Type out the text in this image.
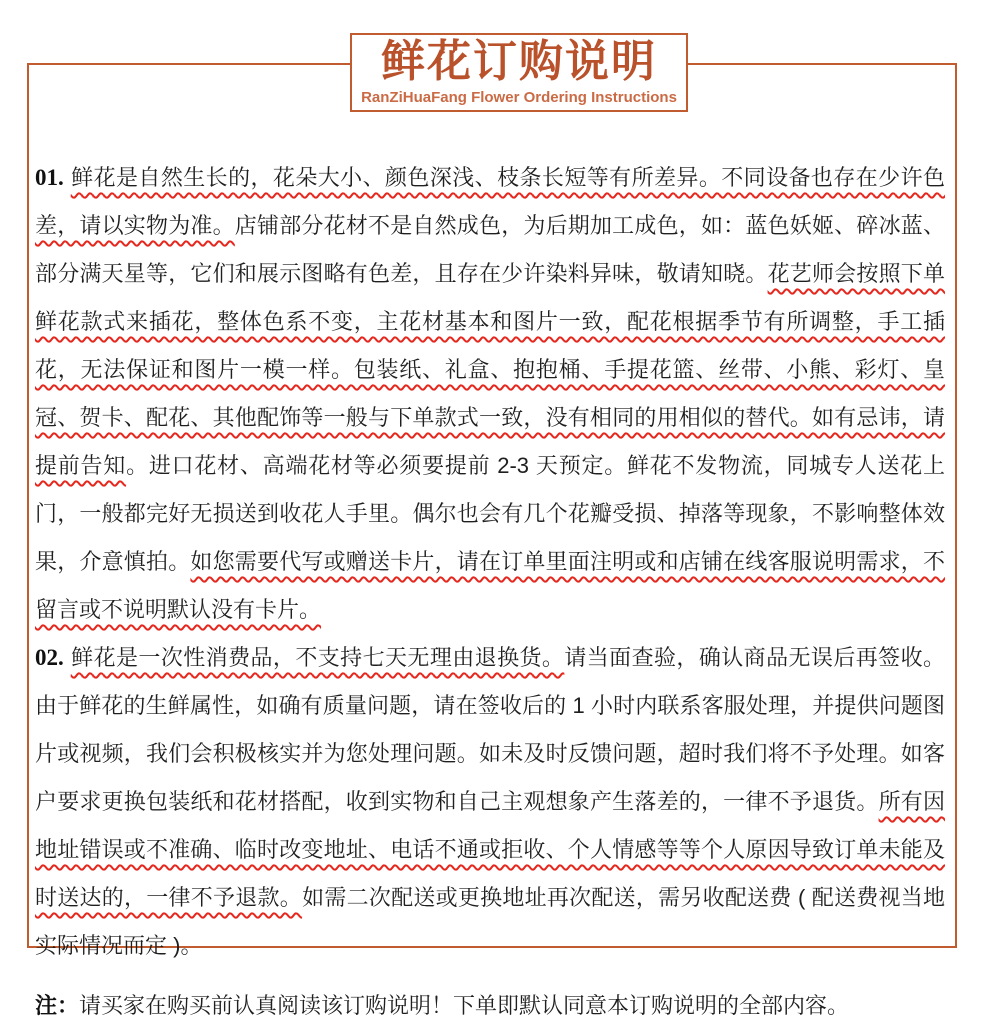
鲜花订购说明
RanZiHuaFang Flower Ordering Instructions

01. 鲜花是自然生长的，花朵大小、颜色深浅、枝条长短等有所差异。不同设备也存在少许色差，请以实物为准。店铺部分花材不是自然成色，为后期加工成色，如：蓝色妖姬、碎冰蓝、部分满天星等，它们和展示图略有色差，且存在少许染料异味，敬请知晓。花艺师会按照下单鲜花款式来插花，整体色系不变，主花材基本和图片一致，配花根据季节有所调整，手工插花，无法保证和图片一模一样。包装纸、礼盒、抱抱桶、手提花篮、丝带、小熊、彩灯、皇冠、贺卡、配花、其他配饰等一般与下单款式一致，没有相同的用相似的替代。如有忌讳，请提前告知。进口花材、高端花材等必须要提前 2-3 天预定。鲜花不发物流，同城专人送花上门，一般都完好无损送到收花人手里。偶尔也会有几个花瓣受损、掉落等现象，不影响整体效果，介意慎拍。如您需要代写或赠送卡片，请在订单里面注明或和店铺在线客服说明需求，不留言或不说明默认没有卡片。

02. 鲜花是一次性消费品，不支持七天无理由退换货。请当面查验，确认商品无误后再签收。由于鲜花的生鲜属性，如确有质量问题，请在签收后的 1 小时内联系客服处理，并提供问题图片或视频，我们会积极核实并为您处理问题。如未及时反馈问题，超时我们将不予处理。如客户要求更换包装纸和花材搭配，收到实物和自己主观想象产生落差的，一律不予退货。所有因地址错误或不准确、临时改变地址、电话不通或拒收、个人情感等等个人原因导致订单未能及时送达的，一律不予退款。如需二次配送或更换地址再次配送，需另收配送费 ( 配送费视当地实际情况而定 )。

注：请买家在购买前认真阅读该订购说明！下单即默认同意本订购说明的全部内容。
